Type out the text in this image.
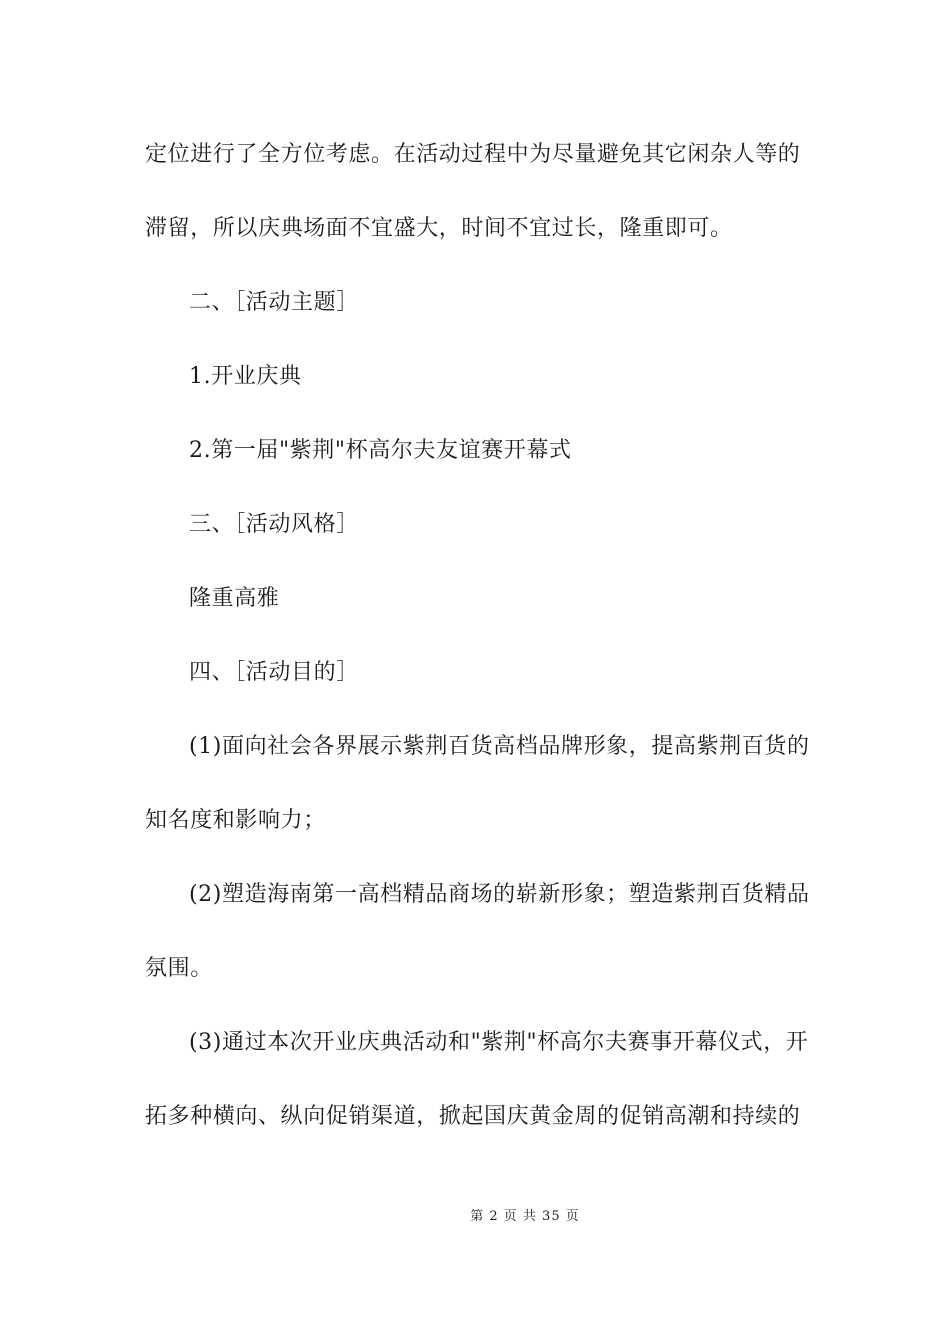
定位进行了全方位考虑。在活动过程中为尽量避免其它闲杂人等的
滞留，所以庆典场面不宜盛大，时间不宜过长，隆重即可。
二、［活动主题］
1.开业庆典
2.第一届"紫荆"杯高尔夫友谊赛开幕式
三、［活动风格］
隆重高雅
四、［活动目的］
(1)面向社会各界展示紫荆百货高档品牌形象，提高紫荆百货的
知名度和影响力；
(2)塑造海南第一高档精品商场的崭新形象；塑造紫荆百货精品
氛围。
(3)通过本次开业庆典活动和"紫荆"杯高尔夫赛事开幕仪式，开
拓多种横向、纵向促销渠道，掀起国庆黄金周的促销高潮和持续的
第 2 页 共 35 页
